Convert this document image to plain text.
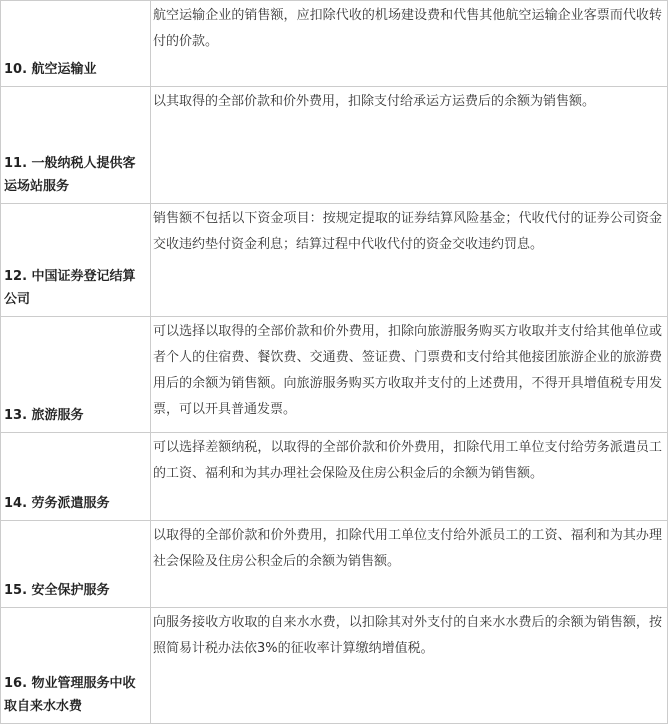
10. 航空运输业	航空运输企业的销售额，应扣除代收的机场建设费和代售其他航空运输企业客票而代收转付的价款。

11. 一般纳税人提供客运场站服务	以其取得的全部价款和价外费用，扣除支付给承运方运费后的余额为销售额。

12. 中国证券登记结算公司	销售额不包括以下资金项目：按规定提取的证券结算风险基金；代收代付的证券公司资金交收违约垫付资金利息；结算过程中代收代付的资金交收违约罚息。

13. 旅游服务	可以选择以取得的全部价款和价外费用，扣除向旅游服务购买方收取并支付给其他单位或者个人的住宿费、餐饮费、交通费、签证费、门票费和支付给其他接团旅游企业的旅游费用后的余额为销售额。向旅游服务购买方收取并支付的上述费用，不得开具增值税专用发票，可以开具普通发票。

14. 劳务派遣服务	可以选择差额纳税，以取得的全部价款和价外费用，扣除代用工单位支付给劳务派遣员工的工资、福利和为其办理社会保险及住房公积金后的余额为销售额。

15. 安全保护服务	以取得的全部价款和价外费用，扣除代用工单位支付给外派员工的工资、福利和为其办理社会保险及住房公积金后的余额为销售额。

16. 物业管理服务中收取自来水水费	向服务接收方收取的自来水水费，以扣除其对外支付的自来水水费后的余额为销售额，按照简易计税办法依3%的征收率计算缴纳增值税。
